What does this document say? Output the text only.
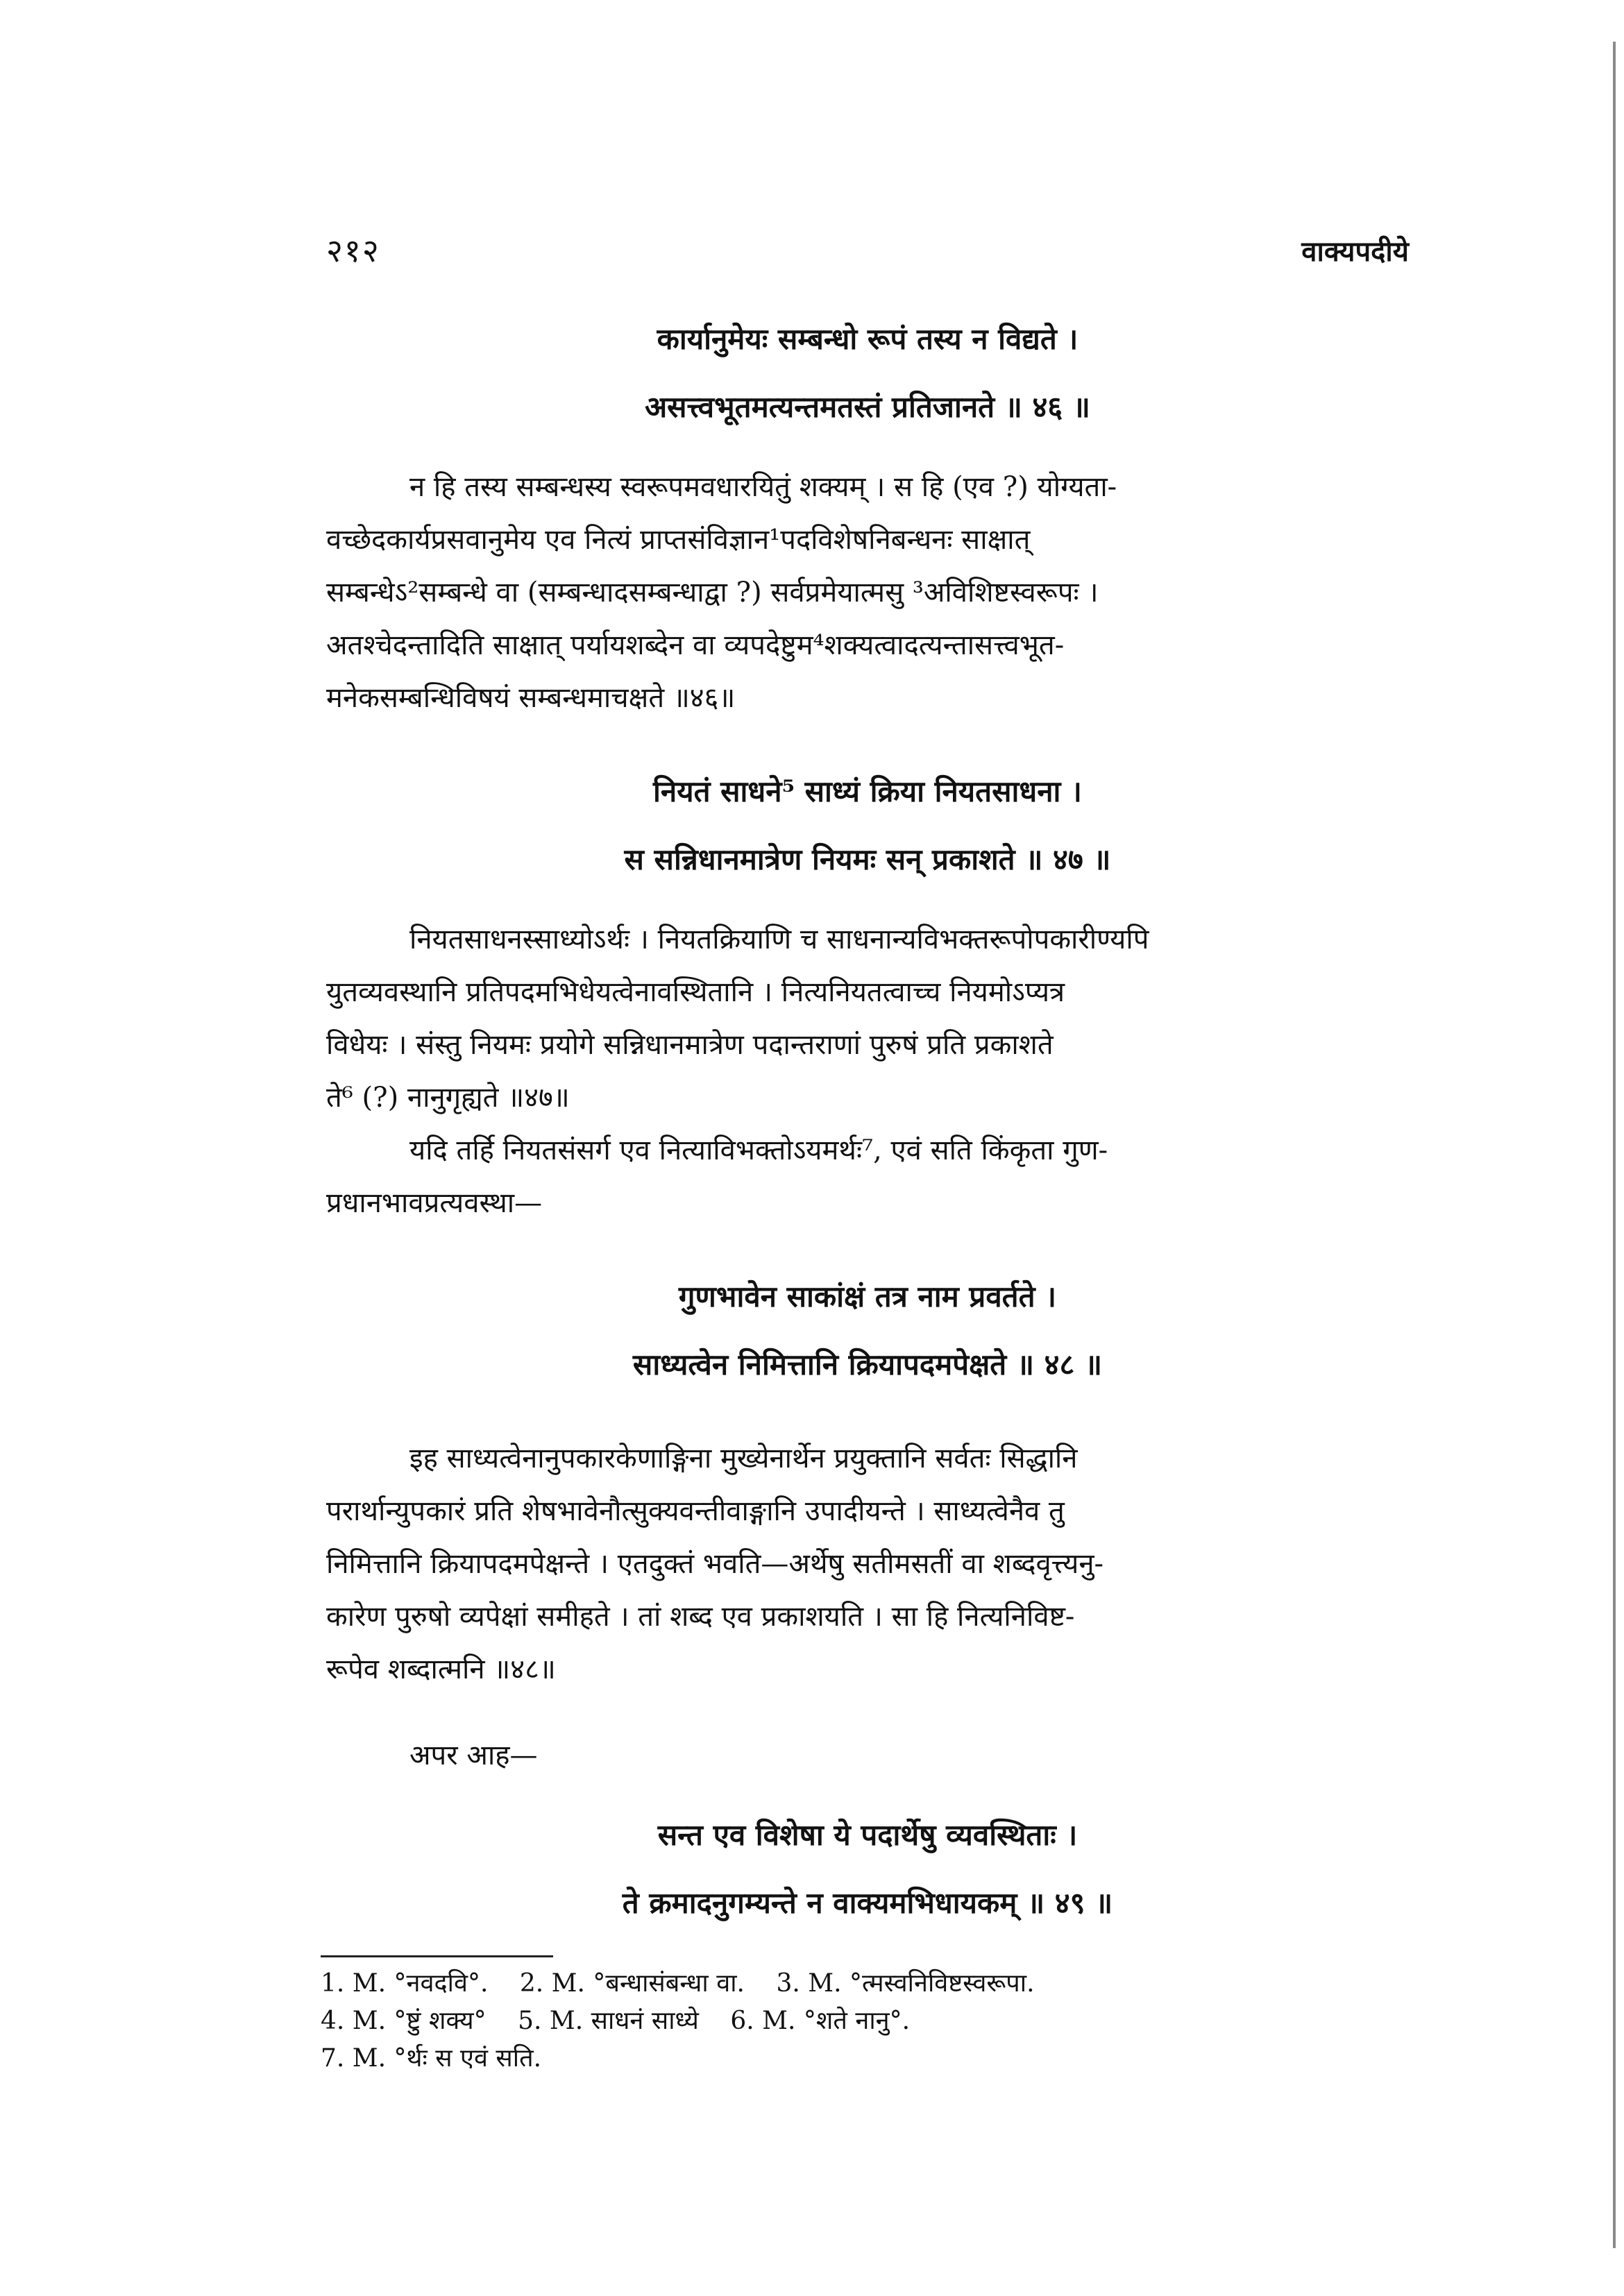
२१२	वाक्यपदीये

कार्यानुमेयः सम्बन्धो रूपं तस्य न विद्यते ।
असत्त्वभूतमत्यन्तमतस्तं प्रतिजानते ॥ ४६ ॥

न हि तस्य सम्बन्धस्य स्वरूपमवधारयितुं शक्यम् । स हि (एव ?) योग्यता-
वच्छेदकार्यप्रसवानुमेय एव नित्यं प्राप्तसंविज्ञान¹पदविशेषनिबन्धनः साक्षात्
सम्बन्धेऽ²सम्बन्धे वा (सम्बन्धादसम्बन्धाद्वा ?) सर्वप्रमेयात्मसु ³अविशिष्टस्वरूपः ।
अतश्चेदन्तादिति साक्षात् पर्यायशब्देन वा व्यपदेष्टुम⁴शक्यत्वादत्यन्तासत्त्वभूत-
मनेकसम्बन्धिविषयं सम्बन्धमाचक्षते ॥४६॥

नियतं साधने⁵ साध्यं क्रिया नियतसाधना ।
स सन्निधानमात्रेण नियमः सन् प्रकाशते ॥ ४७ ॥

नियतसाधनस्साध्योऽर्थः । नियतक्रियाणि च साधनान्यविभक्तरूपोपकारीण्यपि
युतव्यवस्थानि प्रतिपदमभिधेयत्वेनावस्थितानि । नित्यनियतत्वाच्च नियमोऽप्यत्र
विधेयः । संस्तु नियमः प्रयोगे सन्निधानमात्रेण पदान्तराणां पुरुषं प्रति प्रकाशते
ते⁶ (?) नानुगृह्यते ॥४७॥
यदि तर्हि नियतसंसर्ग एव नित्याविभक्तोऽयमर्थः⁷, एवं सति किंकृता गुण-
प्रधानभावप्रत्यवस्था—

गुणभावेन साकांक्षं तत्र नाम प्रवर्तते ।
साध्यत्वेन निमित्तानि क्रियापदमपेक्षते ॥ ४८ ॥

इह साध्यत्वेनानुपकारकेणाङ्गिना मुख्येनार्थेन प्रयुक्तानि सर्वतः सिद्धानि
परार्थान्युपकारं प्रति शेषभावेनौत्सुक्यवन्तीवाङ्गानि उपादीयन्ते । साध्यत्वेनैव तु
निमित्तानि क्रियापदमपेक्षन्ते । एतदुक्तं भवति—अर्थेषु सतीमसतीं वा शब्दवृत्त्यनु-
कारेण पुरुषो व्यपेक्षां समीहते । तां शब्द एव प्रकाशयति । सा हि नित्यनिविष्ट-
रूपेव शब्दात्मनि ॥४८॥

अपर आह—

सन्त एव विशेषा ये पदार्थेषु व्यवस्थिताः ।
ते क्रमादनुगम्यन्ते न वाक्यमभिधायकम् ॥ ४९ ॥

1. M. °नवदवि°. 2. M. °बन्धासंबन्धा वा. 3. M. °त्मस्वनिविष्टस्वरूपा.
4. M. °ष्टुं शक्य° 5. M. साधनं साध्ये 6. M. °शते नानु°.
7. M. °र्थः स एवं सति.
